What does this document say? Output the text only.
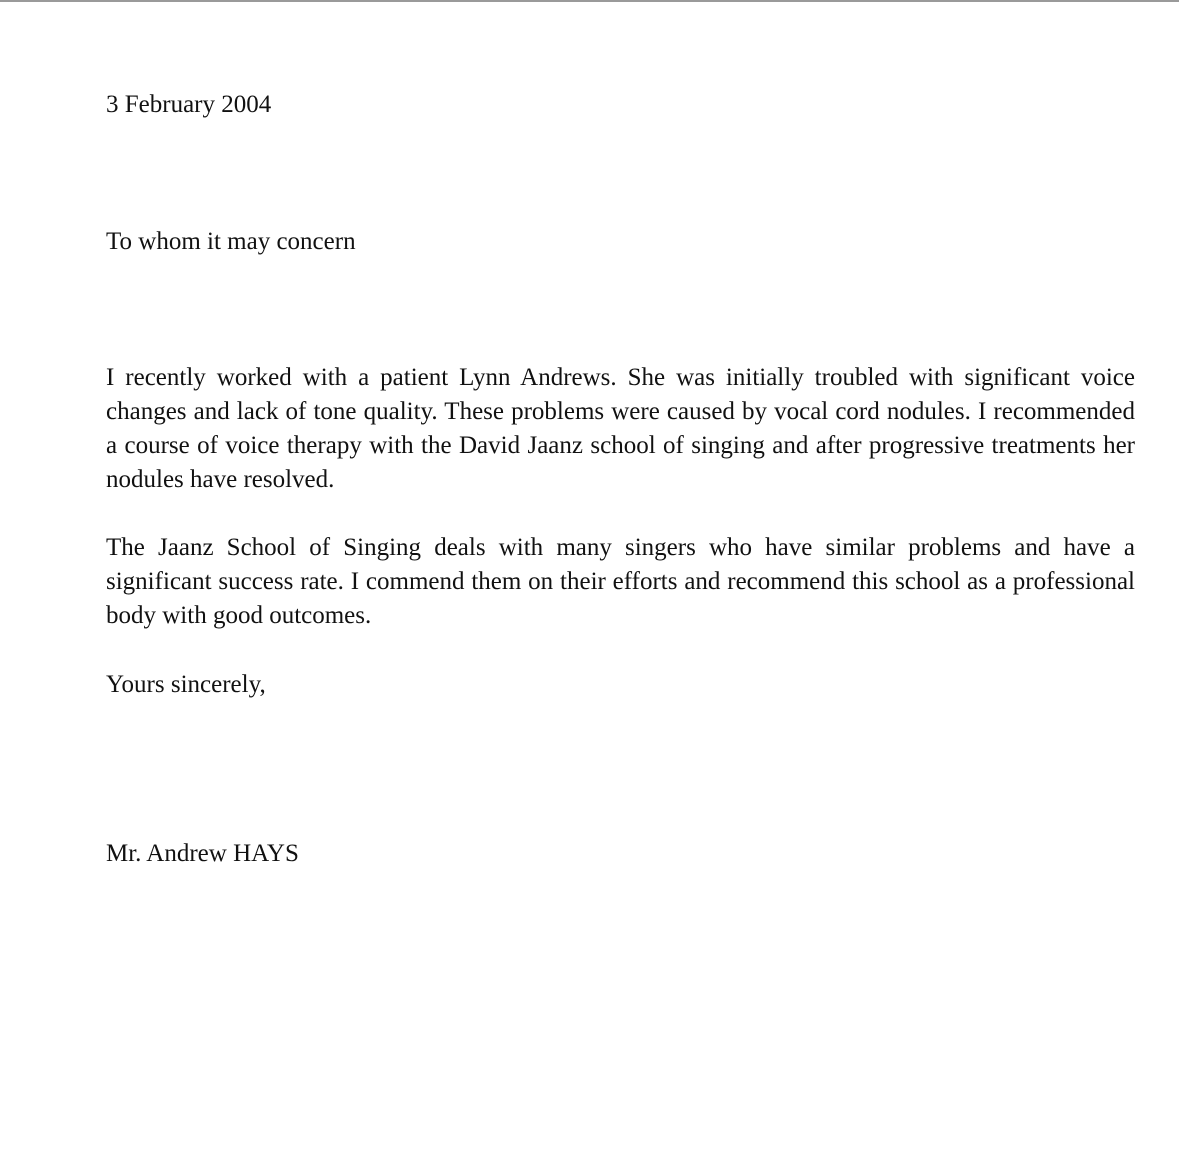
3 February 2004
To whom it may concern

I recently worked with a patient Lynn Andrews. She was initially troubled with significant voice changes and lack of tone quality. These problems were caused by vocal cord nodules. I recommended a course of voice therapy with the David Jaanz school of singing and after progressive treatments her nodules have resolved.

The Jaanz School of Singing deals with many singers who have similar problems and have a significant success rate. I commend them on their efforts and recommend this school as a professional body with good outcomes.

Yours sincerely,
Mr. Andrew HAYS
